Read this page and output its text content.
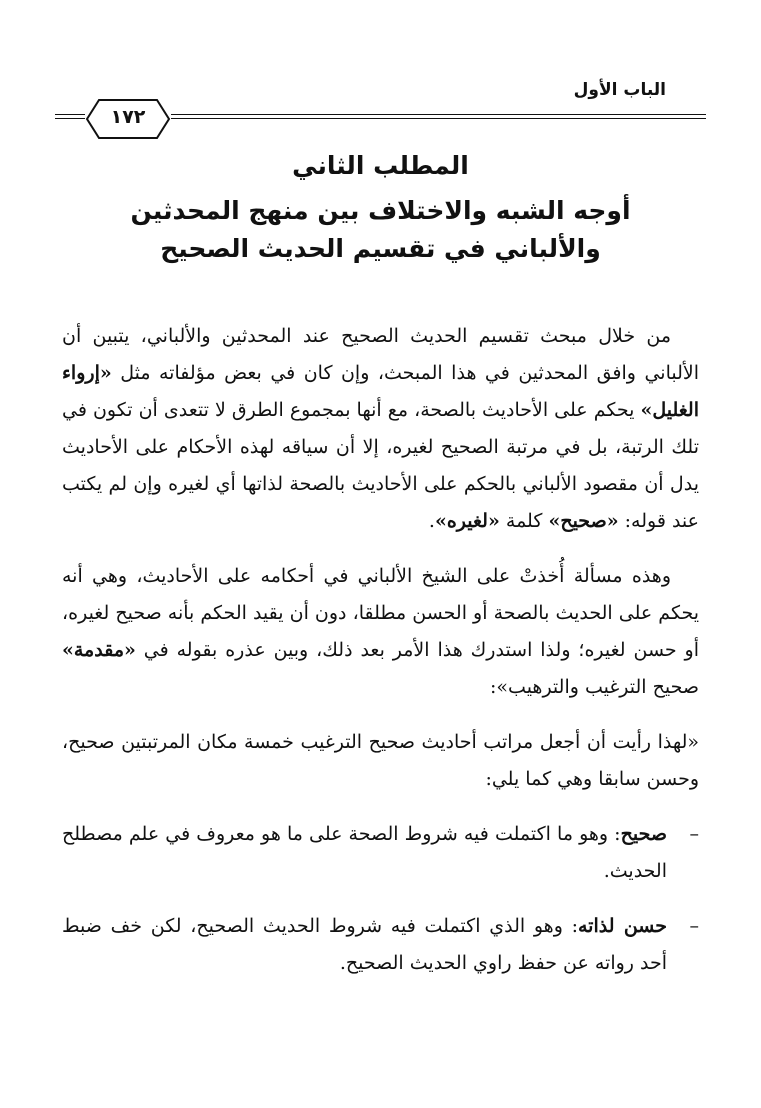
الباب الأول
١٧٢
المطلب الثاني
أوجه الشبه والاختلاف بين منهج المحدثين
والألباني في تقسيم الحديث الصحيح

من خلال مبحث تقسيم الحديث الصحيح عند المحدثين والألباني، يتبين أن الألباني وافق المحدثين في هذا المبحث، وإن كان في بعض مؤلفاته مثل «إرواء الغليل» يحكم على الأحاديث بالصحة، مع أنها بمجموع الطرق لا تتعدى أن تكون في تلك الرتبة، بل في مرتبة الصحيح لغيره، إلا أن سياقه لهذه الأحكام على الأحاديث يدل أن مقصود الألباني بالحكم على الأحاديث بالصحة لذاتها أي لغيره وإن لم يكتب عند قوله: «صحيح» كلمة «لغيره».

وهذه مسألة أُخذتْ على الشيخ الألباني في أحكامه على الأحاديث، وهي أنه يحكم على الحديث بالصحة أو الحسن مطلقا، دون أن يقيد الحكم بأنه صحيح لغيره، أو حسن لغيره؛ ولذا استدرك هذا الأمر بعد ذلك، وبين عذره بقوله في «مقدمة» صحيح الترغيب والترهيب»:

«لهذا رأيت أن أجعل مراتب أحاديث صحيح الترغيب خمسة مكان المرتبتين صحيح، وحسن سابقا وهي كما يلي:

–
صحيح: وهو ما اكتملت فيه شروط الصحة على ما هو معروف في علم مصطلح الحديث.

–
حسن لذاته: وهو الذي اكتملت فيه شروط الحديث الصحيح، لكن خف ضبط أحد رواته عن حفظ راوي الحديث الصحيح.
